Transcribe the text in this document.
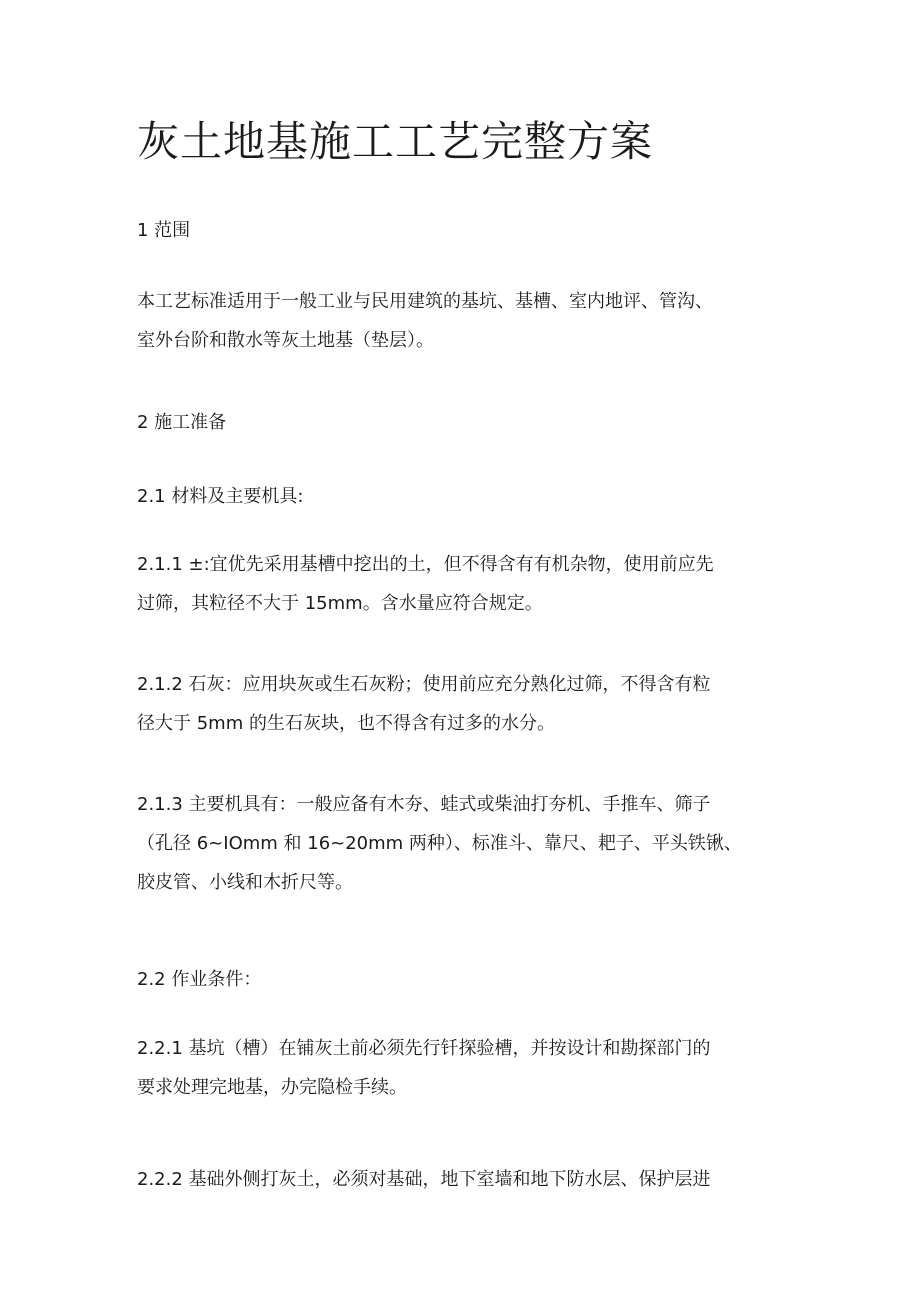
灰土地基施工工艺完整方案

1 范围

本工艺标准适用于一般工业与民用建筑的基坑、基槽、室内地评、管沟、
室外台阶和散水等灰土地基（垫层）。

2 施工准备

2.1 材料及主要机具:

2.1.1 ±:宜优先采用基槽中挖出的土，但不得含有有机杂物，使用前应先
过筛，其粒径不大于 15mm。含水量应符合规定。

2.1.2 石灰：应用块灰或生石灰粉；使用前应充分熟化过筛，不得含有粒
径大于 5mm 的生石灰块，也不得含有过多的水分。

2.1.3 主要机具有：一般应备有木夯、蛙式或柴油打夯机、手推车、筛子
（孔径 6~IOmm 和 16~20mm 两种）、标准斗、靠尺、耙子、平头铁锹、
胶皮管、小线和木折尺等。

2.2 作业条件：

2.2.1 基坑（槽）在铺灰土前必须先行钎探验槽，并按设计和勘探部门的
要求处理完地基，办完隐检手续。

2.2.2 基础外侧打灰土，必须对基础，地下室墙和地下防水层、保护层进
